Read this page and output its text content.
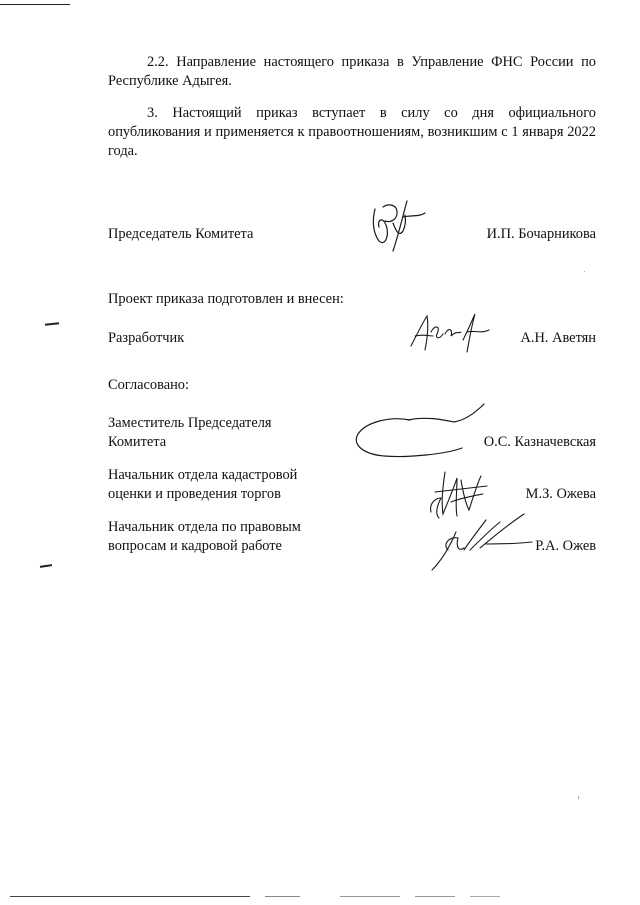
2.2. Направление настоящего приказа в Управление ФНС России по Республике Адыгея.
3. Настоящий приказ вступает в силу со дня официального опубликования и применяется к правоотношениям, возникшим с 1 января 2022 года.
Председатель Комитета	И.П. Бочарникова
Проект приказа подготовлен и внесен:
Разработчик	А.Н. Аветян
Согласовано:
Заместитель Председателя
Комитета	О.С. Казначевская
Начальник отдела кадастровой
оценки и проведения торгов	М.З. Ожева
Начальник отдела по правовым
вопросам и кадровой работе	Р.А. Ожев
